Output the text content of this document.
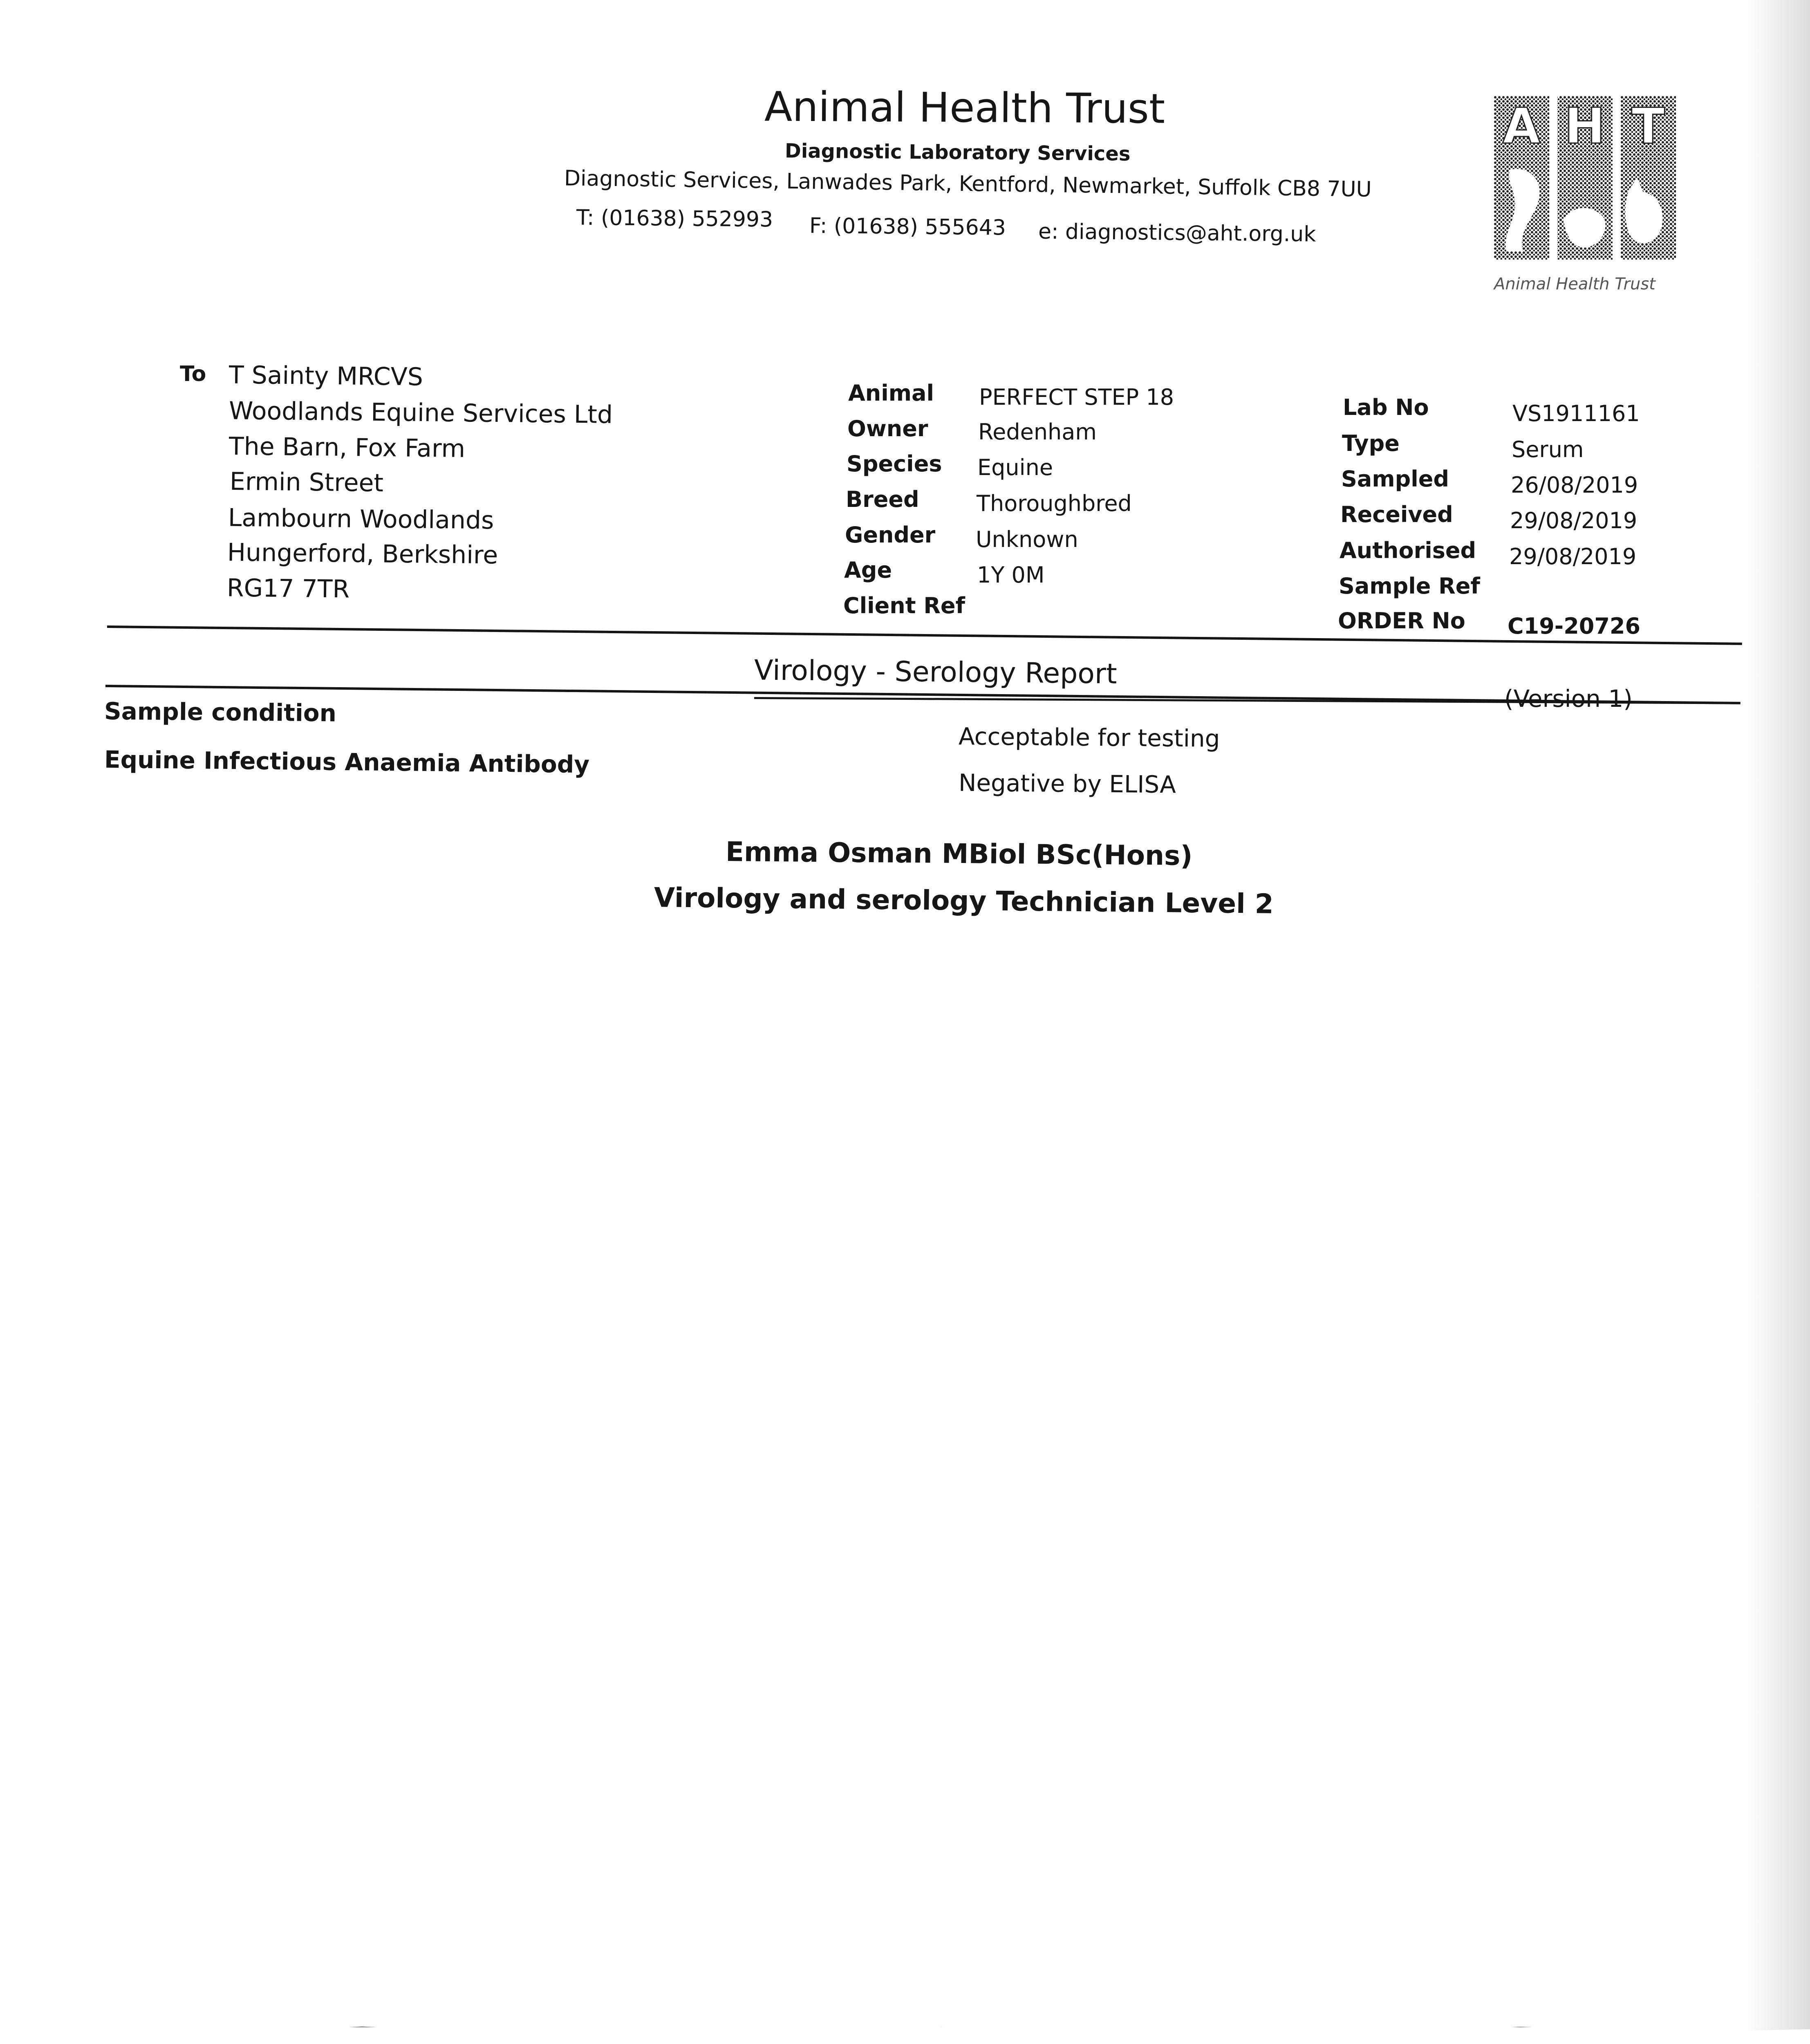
Animal Health Trust
Diagnostic Laboratory Services
Diagnostic Services, Lanwades Park, Kentford, Newmarket, Suffolk CB8 7UU
T: (01638) 552993 F: (01638) 555643 e: diagnostics@aht.org.uk
A H T
Animal Health Trust
To T Sainty MRCVS
Woodlands Equine Services Ltd
The Barn, Fox Farm
Ermin Street
Lambourn Woodlands
Hungerford, Berkshire
RG17 7TR
Animal PERFECT STEP 18
Owner Redenham
Species Equine
Breed	Thoroughbred
Gender Unknown
Age	1Y 0M
Client Ref
Lab No	VS1911161
Type	Serum
Sampled	26/08/2019
Received	29/08/2019
Authorised 29/08/2019
Sample Ref
ORDER No C19-20726
Virology - Serology Report
(Version 1)
Sample condition
Acceptable for testing
Equine Infectious Anaemia Antibody
Negative by ELISA
Emma Osman MBiol BSc(Hons)
Virology and serology Technician Level 2
